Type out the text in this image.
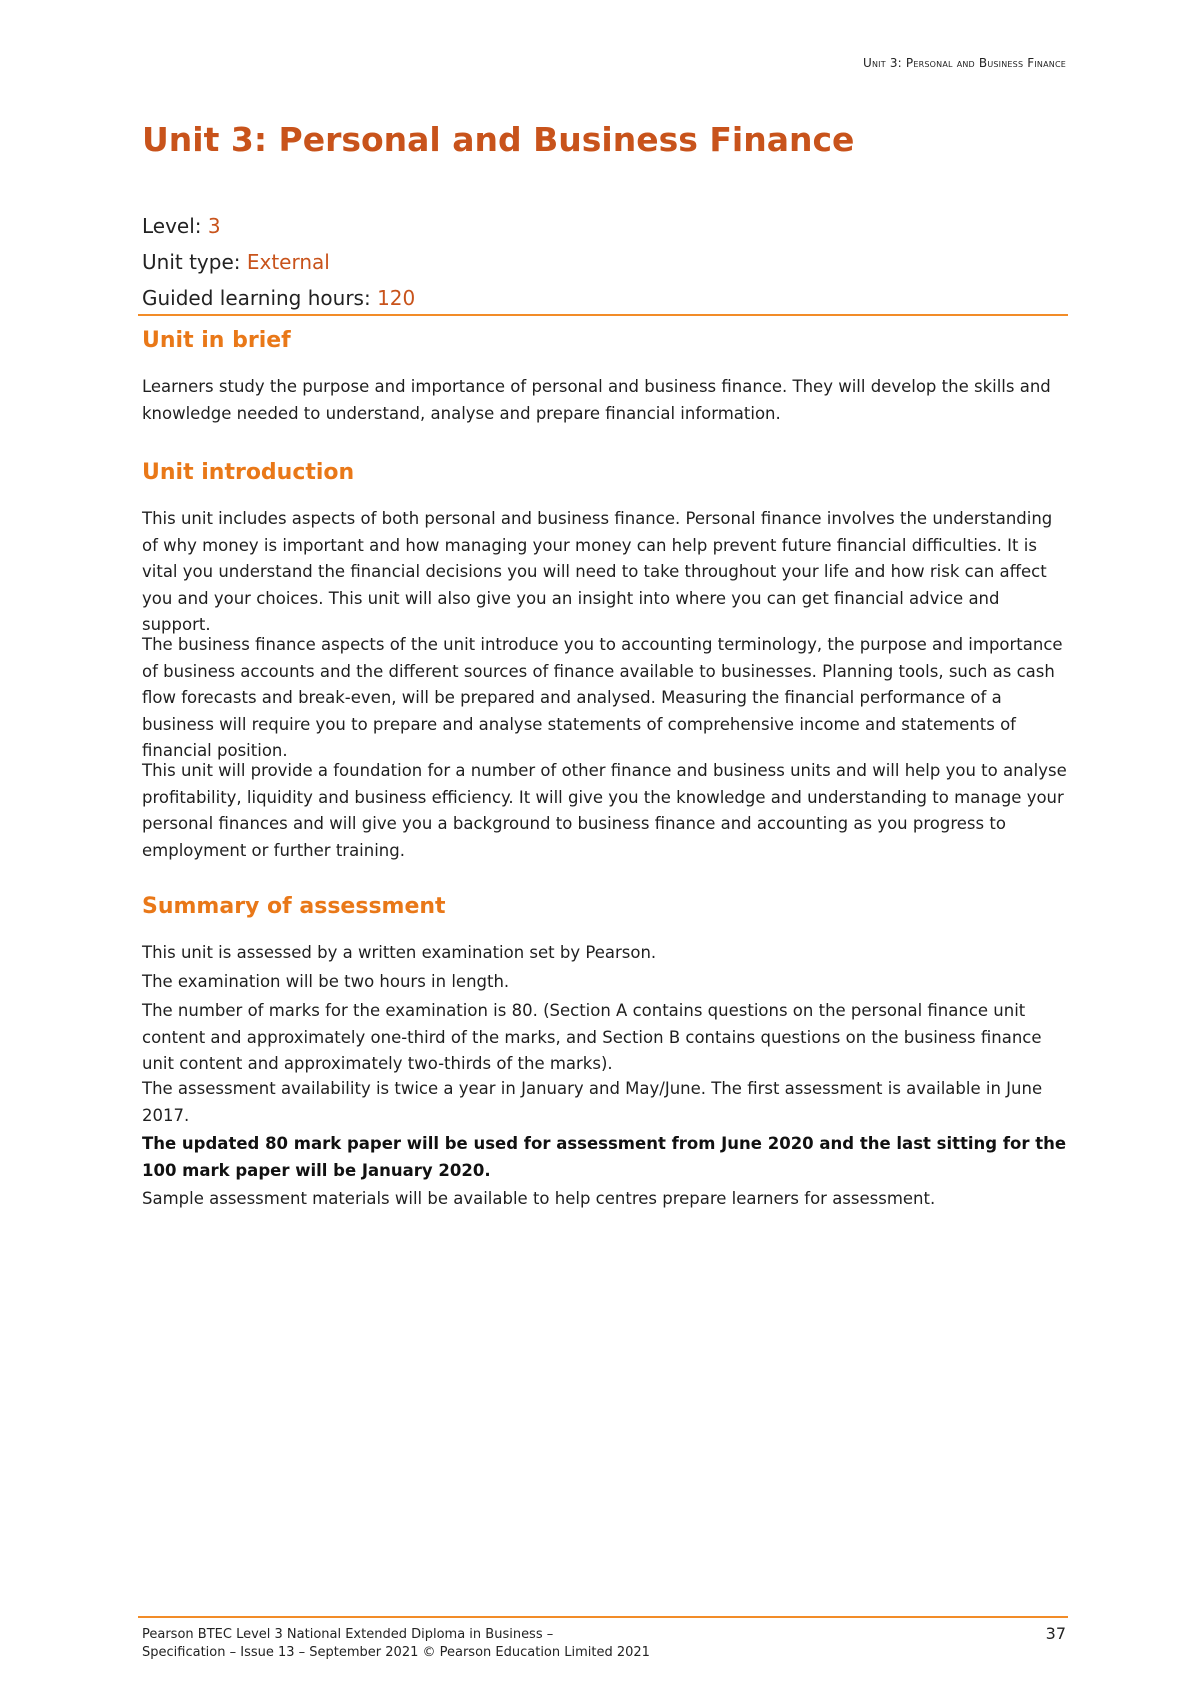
Unit 3: Personal and Business Finance
Unit 3: Personal and Business Finance
Level: 3
Unit type: External
Guided learning hours: 120
Unit in brief

Learners study the purpose and importance of personal and business finance. They will develop the skills and knowledge needed to understand, analyse and prepare financial information.

Unit introduction

This unit includes aspects of both personal and business finance. Personal finance involves the understanding of why money is important and how managing your money can help prevent future financial difficulties. It is vital you understand the financial decisions you will need to take throughout your life and how risk can affect you and your choices. This unit will also give you an insight into where you can get financial advice and support.

The business finance aspects of the unit introduce you to accounting terminology, the purpose and importance of business accounts and the different sources of finance available to businesses. Planning tools, such as cash flow forecasts and break-even, will be prepared and analysed. Measuring the financial performance of a business will require you to prepare and analyse statements of comprehensive income and statements of financial position.

This unit will provide a foundation for a number of other finance and business units and will help you to analyse profitability, liquidity and business efficiency. It will give you the knowledge and understanding to manage your personal finances and will give you a background to business finance and accounting as you progress to employment or further training.

Summary of assessment

This unit is assessed by a written examination set by Pearson.

The examination will be two hours in length.

The number of marks for the examination is 80. (Section A contains questions on the personal finance unit content and approximately one-third of the marks, and Section B contains questions on the business finance unit content and approximately two-thirds of the marks).

The assessment availability is twice a year in January and May/June. The first assessment is available in June 2017.

The updated 80 mark paper will be used for assessment from June 2020 and the last sitting for the 100 mark paper will be January 2020.

Sample assessment materials will be available to help centres prepare learners for assessment.

Pearson BTEC Level 3 National Extended Diploma in Business –
Specification – Issue 13 – September 2021 © Pearson Education Limited 2021
37
